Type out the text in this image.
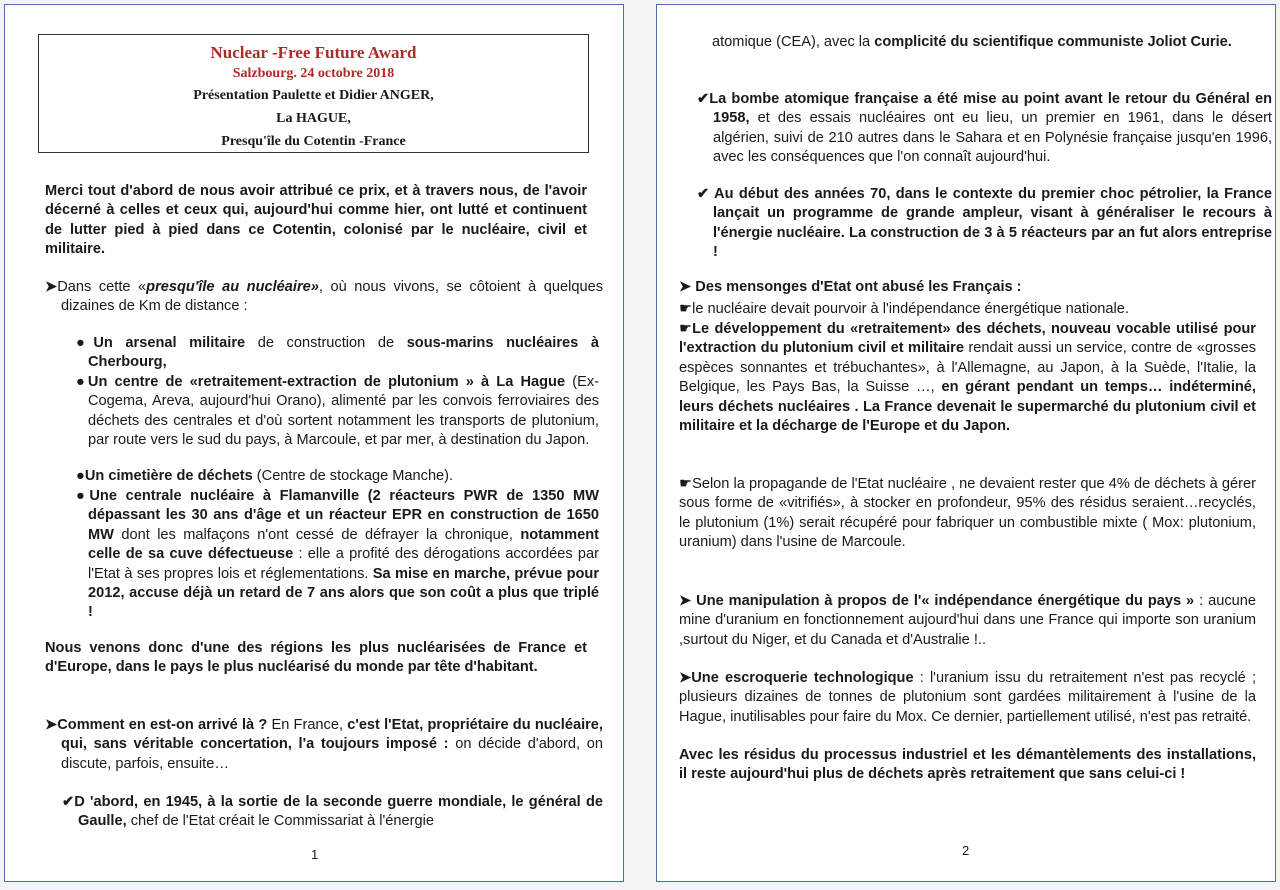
Nuclear -Free Future Award
Salzbourg. 24 octobre 2018
Présentation Paulette et Didier ANGER,
La HAGUE,
Presqu'île du Cotentin -France
Merci tout d'abord de nous avoir attribué ce prix, et à travers nous, de l'avoir décerné à celles et ceux qui, aujourd'hui comme hier, ont lutté et continuent de lutter pied à pied dans ce Cotentin, colonisé par le nucléaire, civil et militaire.
➤Dans cette «presqu'île au nucléaire», où nous vivons, se côtoient à quelques dizaines de Km de distance :
●Un arsenal militaire de construction de sous-marins nucléaires à Cherbourg,
●Un centre de «retraitement-extraction de plutonium » à La Hague (Ex- Cogema, Areva, aujourd'hui Orano), alimenté par les convois ferroviaires des déchets des centrales et d'où sortent notamment les transports de plutonium, par route vers le sud du pays, à Marcoule, et par mer, à destination du Japon.
●Un cimetière de déchets (Centre de stockage Manche).
●Une centrale nucléaire à Flamanville (2 réacteurs PWR de 1350 MW dépassant les 30 ans d'âge et un réacteur EPR en construction de 1650 MW dont les malfaçons n'ont cessé de défrayer la chronique, notamment celle de sa cuve défectueuse : elle a profité des dérogations accordées par l'Etat à ses propres lois et réglementations. Sa mise en marche, prévue pour 2012, accuse déjà un retard de 7 ans alors que son coût a plus que triplé !
Nous venons donc d'une des régions les plus nucléarisées de France et d'Europe, dans le pays le plus nucléarisé du monde par tête d'habitant.
➤Comment en est-on arrivé là ? En France, c'est l'Etat, propriétaire du nucléaire, qui, sans véritable concertation, l'a toujours imposé : on décide d'abord, on discute, parfois, ensuite…
✔D 'abord, en 1945, à la sortie de la seconde guerre mondiale, le général de Gaulle, chef de l'Etat créait le Commissariat à l'énergie
1
atomique (CEA), avec la complicité du scientifique communiste Joliot Curie.
✔La bombe atomique française a été mise au point avant le retour du Général en 1958, et des essais nucléaires ont eu lieu, un premier en 1961, dans le désert algérien, suivi de 210 autres dans le Sahara et en Polynésie française jusqu'en 1996, avec les conséquences que l'on connaît aujourd'hui.
✔ Au début des années 70, dans le contexte du premier choc pétrolier, la France lançait un programme de grande ampleur, visant à généraliser le recours à l'énergie nucléaire. La construction de 3 à 5 réacteurs par an fut alors entreprise !
➤ Des mensonges d'Etat ont abusé les Français :
☛le nucléaire devait pourvoir à l'indépendance énergétique nationale.
☛Le développement du «retraitement» des déchets, nouveau vocable utilisé pour l'extraction du plutonium civil et militaire rendait aussi un service, contre de «grosses espèces sonnantes et trébuchantes», à l'Allemagne, au Japon, à la Suède, l'Italie, la Belgique, les Pays Bas, la Suisse …, en gérant pendant un temps… indéterminé, leurs déchets nucléaires . La France devenait le supermarché du plutonium civil et militaire et la décharge de l'Europe et du Japon.
☛Selon la propagande de l'Etat nucléaire , ne devaient rester que 4% de déchets à gérer sous forme de «vitrifiés», à stocker en profondeur, 95% des résidus seraient…recyclés, le plutonium (1%) serait récupéré pour fabriquer un combustible mixte ( Mox: plutonium, uranium) dans l'usine de Marcoule.
➤ Une manipulation à propos de l'« indépendance énergétique du pays » : aucune mine d'uranium en fonctionnement aujourd'hui dans une France qui importe son uranium ,surtout du Niger, et du Canada et d'Australie !..
➤Une escroquerie technologique : l'uranium issu du retraitement n'est pas recyclé ; plusieurs dizaines de tonnes de plutonium sont gardées militairement à l'usine de la Hague, inutilisables pour faire du Mox. Ce dernier, partiellement utilisé, n'est pas retraité.
Avec les résidus du processus industriel et les démantèlements des installations, il reste aujourd'hui plus de déchets après retraitement que sans celui-ci !
2
